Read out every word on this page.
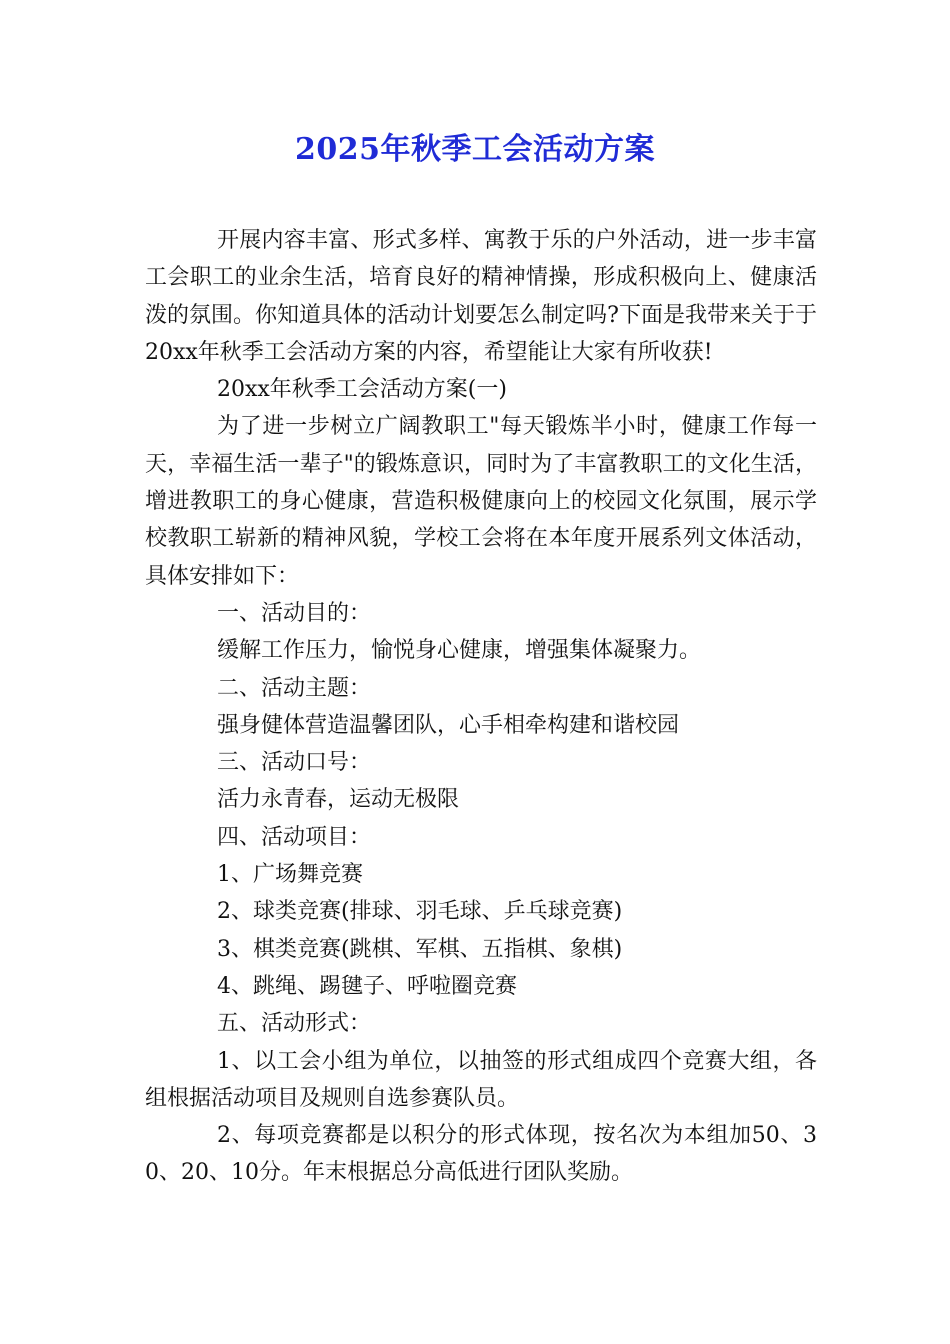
2025年秋季工会活动方案

开展内容丰富、形式多样、寓教于乐的户外活动，进一步丰富工会职工的业余生活，培育良好的精神情操，形成积极向上、健康活泼的氛围。你知道具体的活动计划要怎么制定吗?下面是我带来关于于20xx年秋季工会活动方案的内容，希望能让大家有所收获!

20xx年秋季工会活动方案(一)

为了进一步树立广阔教职工"每天锻炼半小时，健康工作每一天，幸福生活一辈子"的锻炼意识，同时为了丰富教职工的文化生活，增进教职工的身心健康，营造积极健康向上的校园文化氛围，展示学校教职工崭新的精神风貌，学校工会将在本年度开展系列文体活动，具体安排如下：

一、活动目的：

缓解工作压力，愉悦身心健康，增强集体凝聚力。

二、活动主题：

强身健体营造温馨团队，心手相牵构建和谐校园

三、活动口号：

活力永青春，运动无极限

四、活动项目：

1、广场舞竞赛

2、球类竞赛(排球、羽毛球、乒乓球竞赛)

3、棋类竞赛(跳棋、军棋、五指棋、象棋)

4、跳绳、踢毽子、呼啦圈竞赛

五、活动形式：

1、以工会小组为单位，以抽签的形式组成四个竞赛大组，各组根据活动项目及规则自选参赛队员。

2、每项竞赛都是以积分的形式体现，按名次为本组加50、30、20、10分。年末根据总分高低进行团队奖励。
